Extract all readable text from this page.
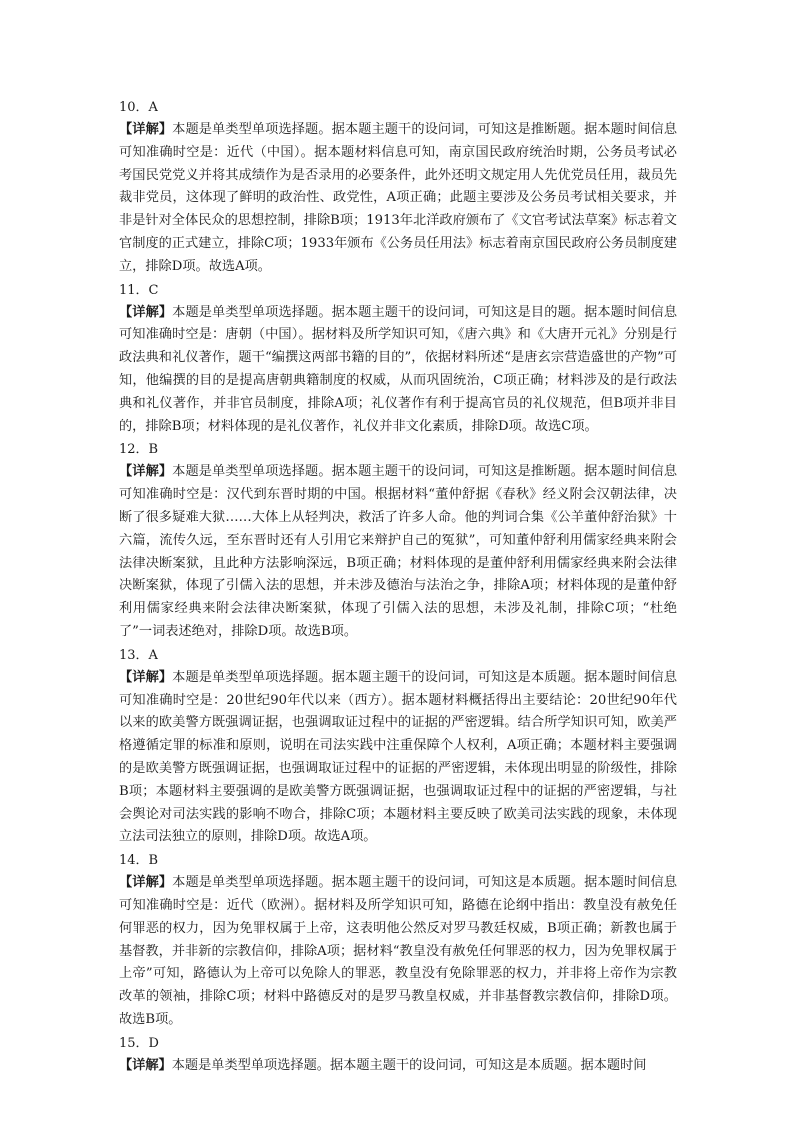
10．A
【详解】本题是单类型单项选择题。据本题主题干的设问词，可知这是推断题。据本题时间信息可知准确时空是：近代（中国）。据本题材料信息可知，南京国民政府统治时期，公务员考试必考国民党党义并将其成绩作为是否录用的必要条件，此外还明文规定用人先优党员任用，裁员先裁非党员，这体现了鲜明的政治性、政党性，A项正确；此题主要涉及公务员考试相关要求，并非是针对全体民众的思想控制，排除B项；1913年北洋政府颁布了《文官考试法草案》标志着文官制度的正式建立，排除C项；1933年颁布《公务员任用法》标志着南京国民政府公务员制度建立，排除D项。故选A项。
11．C
【详解】本题是单类型单项选择题。据本题主题干的设问词，可知这是目的题。据本题时间信息可知准确时空是：唐朝（中国）。据材料及所学知识可知，《唐六典》和《大唐开元礼》分别是行政法典和礼仪著作，题干“编撰这两部书籍的目的”，依据材料所述“是唐玄宗营造盛世的产物”可知，他编撰的目的是提高唐朝典籍制度的权威，从而巩固统治，C项正确；材料涉及的是行政法典和礼仪著作，并非官员制度，排除A项；礼仪著作有利于提高官员的礼仪规范，但B项并非目的，排除B项；材料体现的是礼仪著作，礼仪并非文化素质，排除D项。故选C项。
12．B
【详解】本题是单类型单项选择题。据本题主题干的设问词，可知这是推断题。据本题时间信息可知准确时空是：汉代到东晋时期的中国。根据材料“董仲舒据《春秋》经义附会汉朝法律，决断了很多疑难大狱……大体上从轻判决，救活了许多人命。他的判词合集《公羊董仲舒治狱》十六篇，流传久远，至东晋时还有人引用它来辩护自己的冤狱”，可知董仲舒利用儒家经典来附会法律决断案狱，且此种方法影响深远，B项正确；材料体现的是董仲舒利用儒家经典来附会法律决断案狱，体现了引儒入法的思想，并未涉及德治与法治之争，排除A项；材料体现的是董仲舒利用儒家经典来附会法律决断案狱，体现了引儒入法的思想，未涉及礼制，排除C项；“杜绝了”一词表述绝对，排除D项。故选B项。
13．A
【详解】本题是单类型单项选择题。据本题主题干的设问词，可知这是本质题。据本题时间信息可知准确时空是：20世纪90年代以来（西方）。据本题材料概括得出主要结论：20世纪90年代以来的欧美警方既强调证据，也强调取证过程中的证据的严密逻辑。结合所学知识可知，欧美严格遵循定罪的标准和原则，说明在司法实践中注重保障个人权利，A项正确；本题材料主要强调的是欧美警方既强调证据，也强调取证过程中的证据的严密逻辑，未体现出明显的阶级性，排除B项；本题材料主要强调的是欧美警方既强调证据，也强调取证过程中的证据的严密逻辑，与社会舆论对司法实践的影响不吻合，排除C项；本题材料主要反映了欧美司法实践的现象，未体现立法司法独立的原则，排除D项。故选A项。
14．B
【详解】本题是单类型单项选择题。据本题主题干的设问词，可知这是本质题。据本题时间信息可知准确时空是：近代（欧洲）。据材料及所学知识可知，路德在论纲中指出：教皇没有赦免任何罪恶的权力，因为免罪权属于上帝，这表明他公然反对罗马教廷权威，B项正确；新教也属于基督教，并非新的宗教信仰，排除A项；据材料“教皇没有赦免任何罪恶的权力，因为免罪权属于上帝”可知，路德认为上帝可以免除人的罪恶，教皇没有免除罪恶的权力，并非将上帝作为宗教改革的领袖，排除C项；材料中路德反对的是罗马教皇权威，并非基督教宗教信仰，排除D项。故选B项。
15．D
【详解】本题是单类型单项选择题。据本题主题干的设问词，可知这是本质题。据本题时间
